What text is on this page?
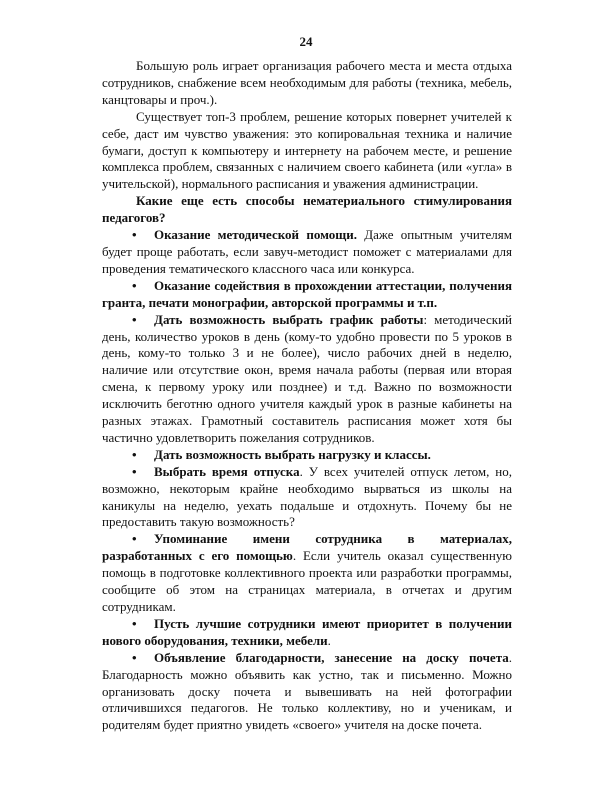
24

Большую роль играет организация рабочего места и места отдыха сотрудников, снабжение всем необходимым для работы (техника, мебель, канцтовары и проч.).

Существует топ-3 проблем, решение которых повернет учителей к себе, даст им чувство уважения: это копировальная техника и наличие бумаги, доступ к компьютеру и интернету на рабочем месте, и решение комплекса проблем, связанных с наличием своего кабинета (или «угла» в учительской), нормального расписания и уважения администрации.

Какие еще есть способы нематериального стимулирования педагогов?

• Оказание методической помощи. Даже опытным учителям будет проще работать, если завуч-методист поможет с материалами для проведения тематического классного часа или конкурса.

• Оказание содействия в прохождении аттестации, получения гранта, печати монографии, авторской программы и т.п.

• Дать возможность выбрать график работы: методический день, количество уроков в день (кому-то удобно провести по 5 уроков в день, кому-то только 3 и не более), число рабочих дней в неделю, наличие или отсутствие окон, время начала работы (первая или вторая смена, к первому уроку или позднее) и т.д. Важно по возможности исключить беготню одного учителя каждый урок в разные кабинеты на разных этажах. Грамотный составитель расписания может хотя бы частично удовлетворить пожелания сотрудников.

• Дать возможность выбрать нагрузку и классы.

• Выбрать время отпуска. У всех учителей отпуск летом, но, возможно, некоторым крайне необходимо вырваться из школы на каникулы на неделю, уехать подальше и отдохнуть. Почему бы не предоставить такую возможность?

• Упоминание имени сотрудника в материалах, разработанных с его помощью. Если учитель оказал существенную помощь в подготовке коллективного проекта или разработки программы, сообщите об этом на страницах материала, в отчетах и другим сотрудникам.

• Пусть лучшие сотрудники имеют приоритет в получении нового оборудования, техники, мебели.

• Объявление благодарности, занесение на доску почета. Благодарность можно объявить как устно, так и письменно. Можно организовать доску почета и вывешивать на ней фотографии отличившихся педагогов. Не только коллективу, но и ученикам, и родителям будет приятно увидеть «своего» учителя на доске почета.
